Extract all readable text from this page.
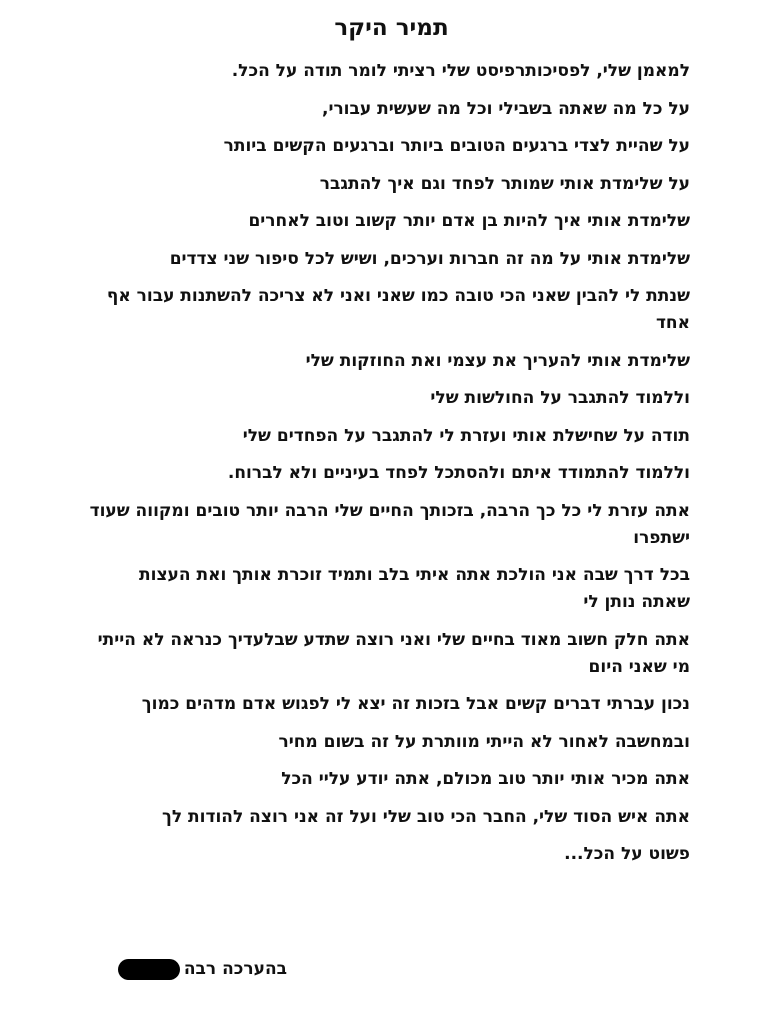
תמיר היקר
למאמן שלי, לפסיכותרפיסט שלי רציתי לומר תודה על הכל.
על כל מה שאתה בשבילי וכל מה שעשית עבורי,
על שהיית לצדי ברגעים הטובים ביותר וברגעים הקשים ביותר
על שלימדת אותי שמותר לפחד וגם איך להתגבר
שלימדת אותי איך להיות בן אדם יותר קשוב וטוב לאחרים
שלימדת אותי על מה זה חברות וערכים, ושיש לכל סיפור שני צדדים
שנתת לי להבין שאני הכי טובה כמו שאני ואני לא צריכה להשתנות עבור אף אחד
שלימדת אותי להעריך את עצמי ואת החוזקות שלי
וללמוד להתגבר על החולשות שלי
תודה על שחישלת אותי ועזרת לי להתגבר על הפחדים שלי
וללמוד להתמודד איתם ולהסתכל לפחד בעיניים ולא לברוח.
אתה עזרת לי כל כך הרבה, בזכותך החיים שלי הרבה יותר טובים ומקווה שעוד ישתפרו
בכל דרך שבה אני הולכת אתה איתי בלב ותמיד זוכרת אותך ואת העצות שאתה נותן לי
אתה חלק חשוב מאוד בחיים שלי ואני רוצה שתדע שבלעדיך כנראה לא הייתי מי שאני היום
נכון עברתי דברים קשים אבל בזכות זה יצא לי לפגוש אדם מדהים כמוך
ובמחשבה לאחור לא הייתי מוותרת על זה בשום מחיר
אתה מכיר אותי יותר טוב מכולם, אתה יודע עליי הכל
אתה איש הסוד שלי, החבר הכי טוב שלי ועל זה אני רוצה להודות לך
פשוט על הכל...
בהערכה רבה
